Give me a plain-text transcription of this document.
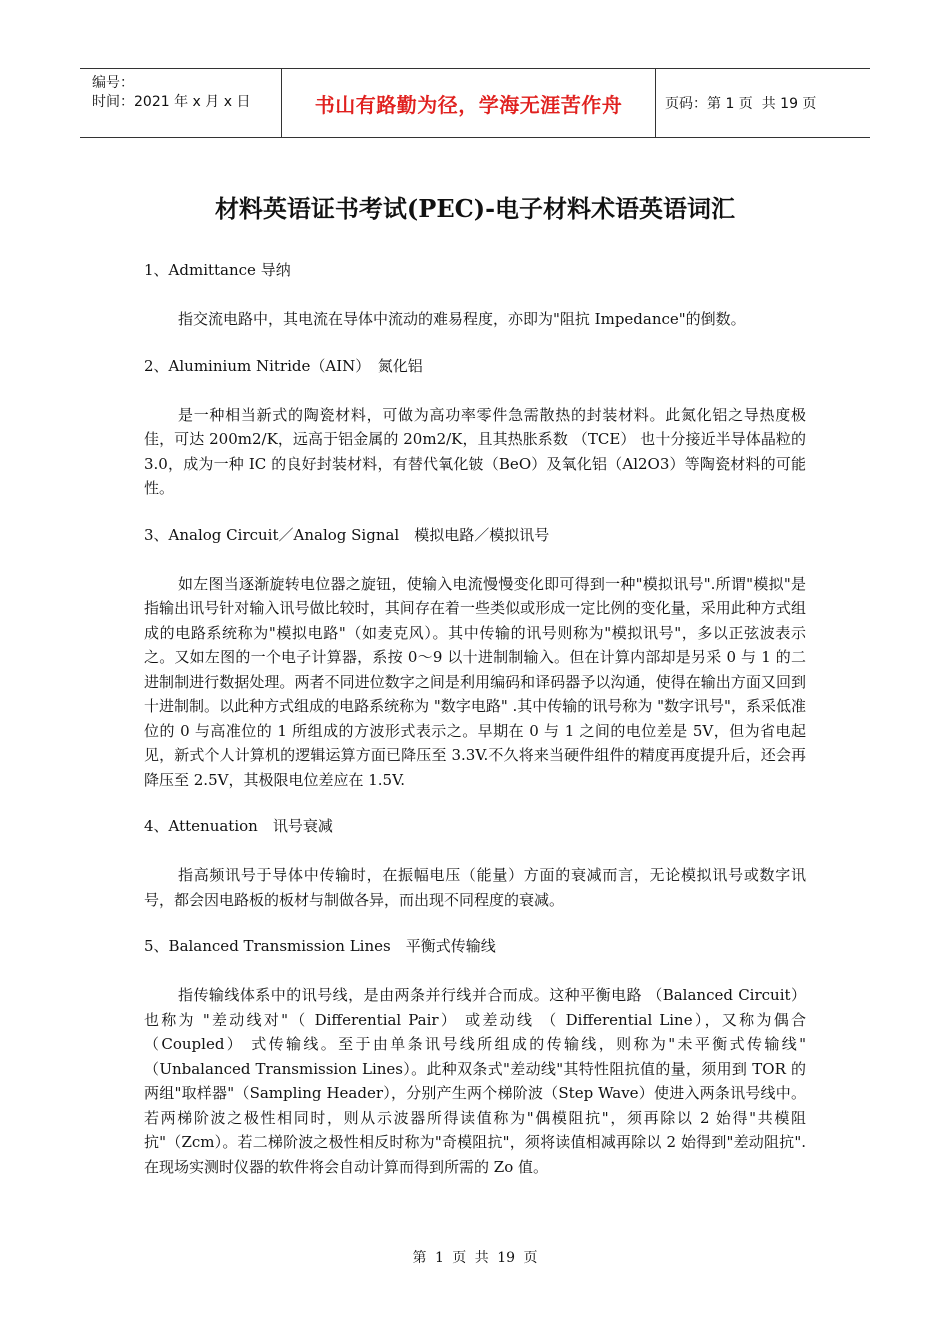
编号：
时间：2021 年 x 月 x 日	书山有路勤为径，学海无涯苦作舟	页码：第 1 页  共 19 页
材料英语证书考试(PEC)-电子材料术语英语词汇

1、Admittance 导纳

指交流电路中，其电流在导体中流动的难易程度，亦即为"阻抗 Impedance"的倒数。

2、Aluminium Nitride（AIN）　氮化铝

是一种相当新式的陶瓷材料，可做为高功率零件急需散热的封装材料。此氮化铝之导热度极佳，可达 200m2/K，远高于铝金属的 20m2/K，且其热胀系数 （TCE） 也十分接近半导体晶粒的 3.0，成为一种 IC 的良好封装材料，有替代氧化铍（BeO）及氧化铝（Al2O3）等陶瓷材料的可能性。

3、Analog Circuit／Analog Signal　模拟电路／模拟讯号

如左图当逐渐旋转电位器之旋钮，使输入电流慢慢变化即可得到一种"模拟讯号".所谓"模拟"是指输出讯号针对输入讯号做比较时，其间存在着一些类似或形成一定比例的变化量，采用此种方式组成的电路系统称为"模拟电路"（如麦克风）。其中传输的讯号则称为"模拟讯号"，多以正弦波表示之。又如左图的一个电子计算器，系按 0～9 以十进制制输入。但在计算内部却是另采 0 与 1 的二进制制进行数据处理。两者不同进位数字之间是利用编码和译码器予以沟通，使得在输出方面又回到十进制制。以此种方式组成的电路系统称为 "数字电路" .其中传输的讯号称为 "数字讯号"，系采低准位的 0 与高准位的 1 所组成的方波形式表示之。早期在 0 与 1 之间的电位差是 5V，但为省电起见，新式个人计算机的逻辑运算方面已降压至 3.3V.不久将来当硬件组件的精度再度提升后，还会再降压至 2.5V，其极限电位差应在 1.5V.

4、Attenuation　讯号衰减

指高频讯号于导体中传输时，在振幅电压（能量）方面的衰减而言，无论模拟讯号或数字讯号，都会因电路板的板材与制做各异，而出现不同程度的衰减。

5、Balanced Transmission Lines　平衡式传输线

指传输线体系中的讯号线，是由两条并行线并合而成。这种平衡电路 （Balanced Circuit） 也称为 "差动线对"（ Differential Pair） 或差动线 （ Differential Line），又称为偶合 （Coupled） 式传输线。至于由单条讯号线所组成的传输线，则称为"未平衡式传输线" （Unbalanced Transmission Lines）。此种双条式"差动线"其特性阻抗值的量，须用到 TOR 的两组"取样器"（Sampling Header），分别产生两个梯阶波（Step Wave）使进入两条讯号线中。若两梯阶波之极性相同时，则从示波器所得读值称为"偶模阻抗"，须再除以 2 始得"共模阻抗"（Zcm）。若二梯阶波之极性相反时称为"奇模阻抗"，须将读值相减再除以 2 始得到"差动阻抗".在现场实测时仪器的软件将会自动计算而得到所需的 Zo 值。

第 1 页 共 19 页
